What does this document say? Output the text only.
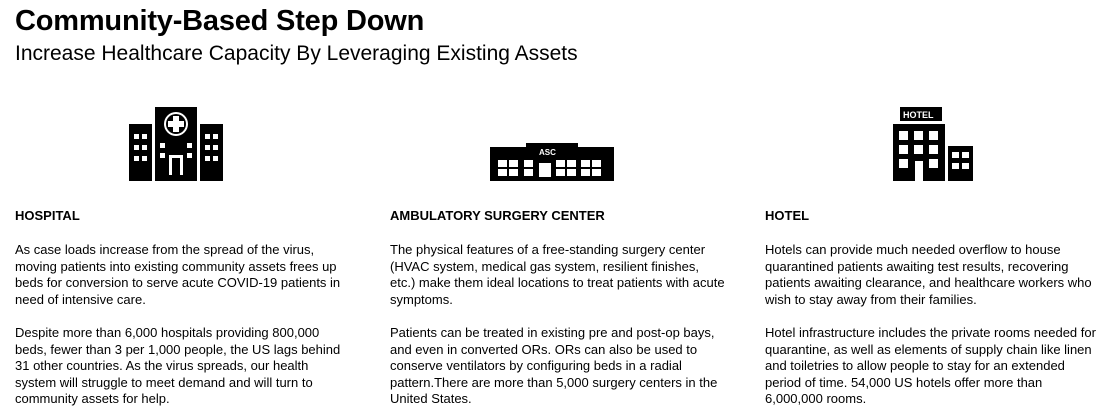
Community-Based Step Down
Increase Healthcare Capacity By Leveraging Existing Assets
HOSPITAL
As case loads increase from the spread of the virus, moving patients into existing community assets frees up beds for conversion to serve acute COVID-19 patients in need of intensive care.
Despite more than 6,000 hospitals providing 800,000 beds, fewer than 3 per 1,000 people, the US lags behind 31 other countries. As the virus spreads, our health system will struggle to meet demand and will turn to community assets for help.
ASC
AMBULATORY SURGERY CENTER
The physical features of a free-standing surgery center (HVAC system, medical gas system, resilient finishes, etc.) make them ideal locations to treat patients with acute symptoms.
Patients can be treated in existing pre and post-op bays, and even in converted ORs. ORs can also be used to conserve ventilators by configuring beds in a radial pattern.There are more than 5,000 surgery centers in the United States.
HOTEL
HOTEL
Hotels can provide much needed overflow to house quarantined patients awaiting test results, recovering patients awaiting clearance, and healthcare workers who wish to stay away from their families.
Hotel infrastructure includes the private rooms needed for quarantine, as well as elements of supply chain like linen and toiletries to allow people to stay for an extended period of time. 54,000 US hotels offer more than 6,000,000 rooms.
